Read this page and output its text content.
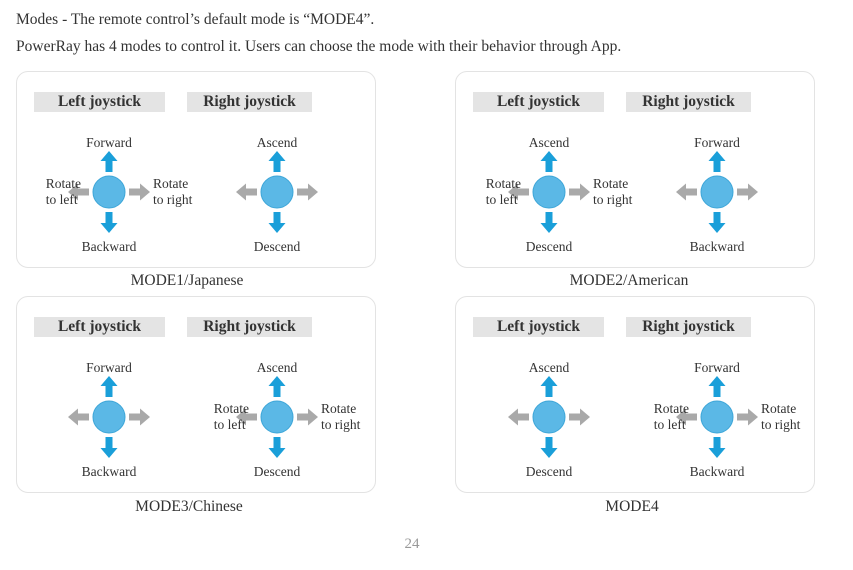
Modes - The remote control’s default mode is “MODE4”.
PowerRay has 4 modes to control it. Users can choose the mode with their behavior through App.
Left joystick
Forward
Backward
Rotate
to left
Rotate
to right
Right joystick
Ascend
Descend
MODE1/Japanese
Left joystick
Ascend
Descend
Rotate
to left
Rotate
to right
Right joystick
Forward
Backward
MODE2/American
Left joystick
Forward
Backward
Right joystick
Ascend
Descend
Rotate
to left
Rotate
to right
MODE3/Chinese
Left joystick
Ascend
Descend
Right joystick
Forward
Backward
Rotate
to left
Rotate
to right
MODE4
24
